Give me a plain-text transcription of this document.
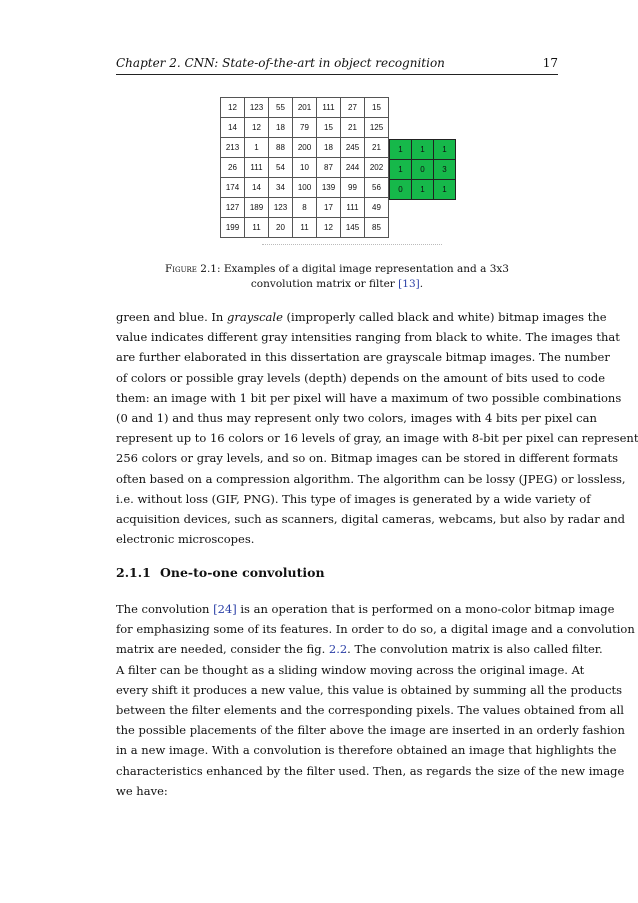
Chapter 2. CNN: State-of-the-art in object recognition	17
12	123	55	201	111	27	15
14	12	18	79	15	21	125
213	1	88	200	18	245	21
26	111	54	10	87	244	202
174	14	34	100	139	99	56
127	189	123	8	17	111	49
199	11	20	11	12	145	85
1	1	1
1	0	3
0	1	1
Figure 2.1: Examples of a digital image representation and a 3x3 convolution matrix or filter [13].
green and blue. In grayscale (improperly called black and white) bitmap images the
value indicates different gray intensities ranging from black to white. The images that
are further elaborated in this dissertation are grayscale bitmap images. The number
of colors or possible gray levels (depth) depends on the amount of bits used to code
them: an image with 1 bit per pixel will have a maximum of two possible combinations
(0 and 1) and thus may represent only two colors, images with 4 bits per pixel can
represent up to 16 colors or 16 levels of gray, an image with 8-bit per pixel can represent
256 colors or gray levels, and so on. Bitmap images can be stored in different formats
often based on a compression algorithm. The algorithm can be lossy (JPEG) or lossless,
i.e. without loss (GIF, PNG). This type of images is generated by a wide variety of
acquisition devices, such as scanners, digital cameras, webcams, but also by radar and
electronic microscopes.
2.1.1 One-to-one convolution
The convolution [24] is an operation that is performed on a mono-color bitmap image
for emphasizing some of its features. In order to do so, a digital image and a convolution
matrix are needed, consider the fig. 2.2. The convolution matrix is also called filter.
A filter can be thought as a sliding window moving across the original image. At
every shift it produces a new value, this value is obtained by summing all the products
between the filter elements and the corresponding pixels. The values obtained from all
the possible placements of the filter above the image are inserted in an orderly fashion
in a new image. With a convolution is therefore obtained an image that highlights the
characteristics enhanced by the filter used. Then, as regards the size of the new image
we have:
